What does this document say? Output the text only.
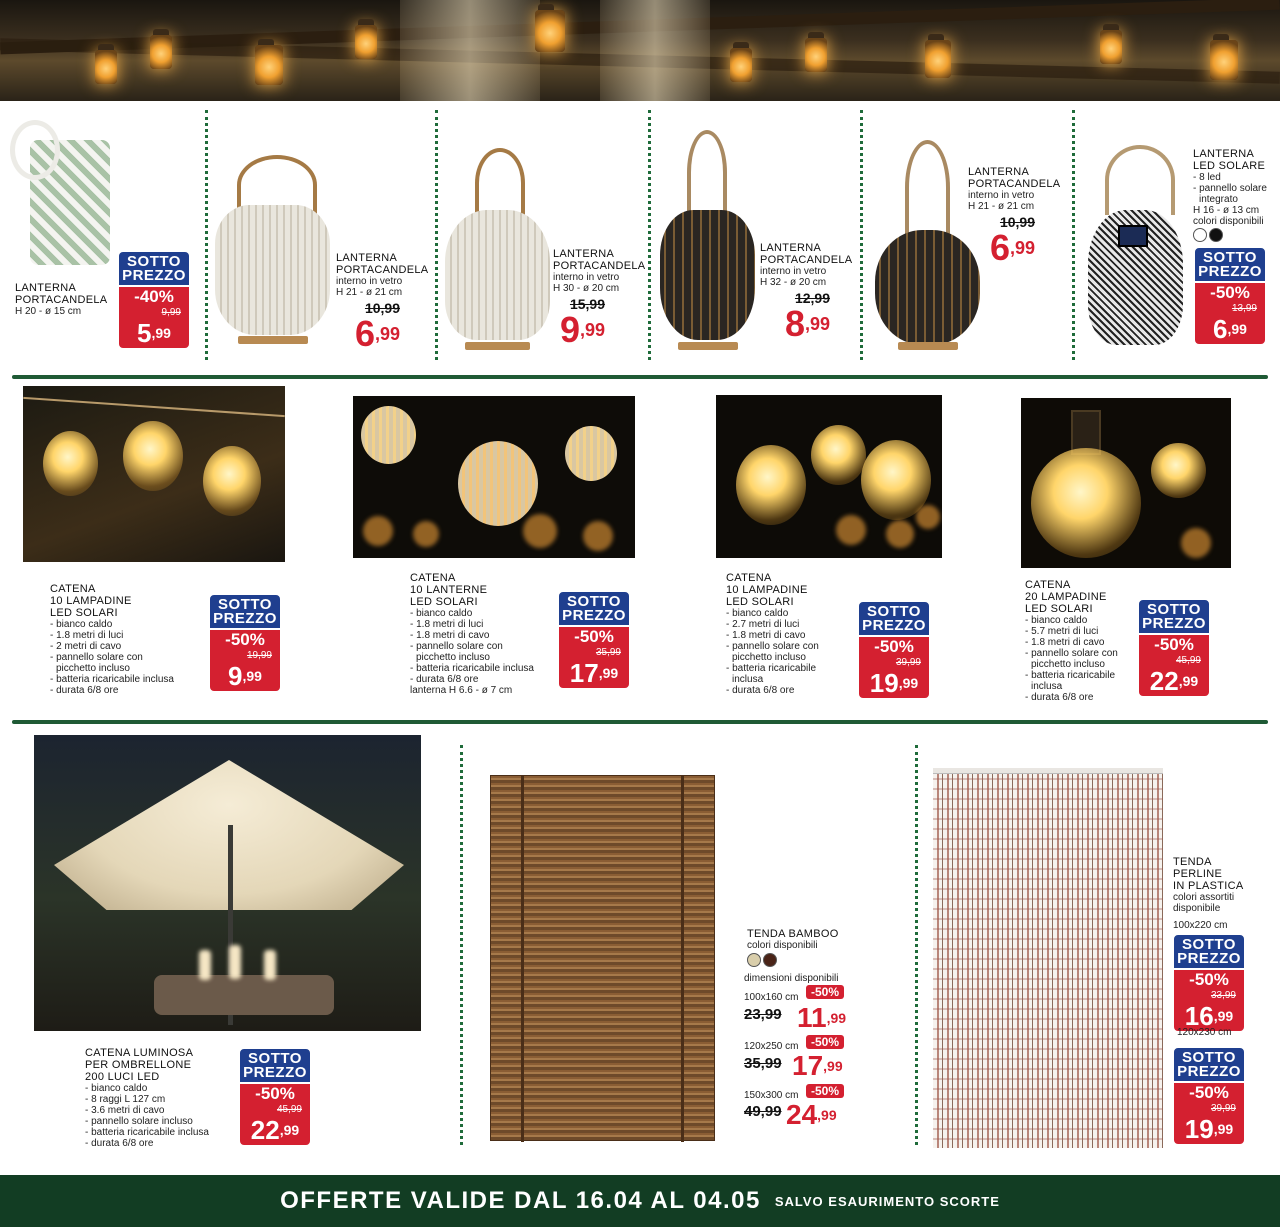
LANTERNA
PORTACANDELA
H 20 - ø 15 cm
SOTTO
PREZZO
-40%
9,99
$5^{,99}$
LANTERNA
PORTACANDELA
interno in vetro
H 21 - ø 21 cm
10,99
$6^{,99}$
LANTERNA
PORTACANDELA
interno in vetro
H 30 - ø 20 cm
15,99
$9^{,99}$
LANTERNA
PORTACANDELA
interno in vetro
H 32 - ø 20 cm
12,99
$8^{,99}$
LANTERNA
PORTACANDELA
interno in vetro
H 21 - ø 21 cm
10,99
$6^{,99}$
LANTERNA
LED SOLARE
- 8 led
- pannello solare
integrato
H 16 - ø 13 cm
colori disponibili
SOTTO
PREZZO
-50%
13,99
$6^{,99}$
CATENA
10 LAMPADINE
LED SOLARI
- bianco caldo
- 1.8 metri di luci
- 2 metri di cavo
- pannello solare con
picchetto incluso
- batteria ricaricabile inclusa
- durata 6/8 ore
SOTTO
PREZZO
-50%
19,99
$9^{,99}$
CATENA
10 LANTERNE
LED SOLARI
- bianco caldo
- 1.8 metri di luci
- 1.8 metri di cavo
- pannello solare con
picchetto incluso
- batteria ricaricabile inclusa
- durata 6/8 ore
lanterna H 6.6 - ø 7 cm
SOTTO
PREZZO
-50%
35,99
$17^{,99}$
CATENA
10 LAMPADINE
LED SOLARI
- bianco caldo
- 2.7 metri di luci
- 1.8 metri di cavo
- pannello solare con
picchetto incluso
- batteria ricaricabile
inclusa
- durata 6/8 ore
SOTTO
PREZZO
-50%
39,99
$19^{,99}$
CATENA
20 LAMPADINE
LED SOLARI
- bianco caldo
- 5.7 metri di luci
- 1.8 metri di cavo
- pannello solare con
picchetto incluso
- batteria ricaricabile
inclusa
- durata 6/8 ore
SOTTO
PREZZO
-50%
45,99
$22^{,99}$
CATENA LUMINOSA
PER OMBRELLONE
200 LUCI LED
- bianco caldo
- 8 raggi L 127 cm
- 3.6 metri di cavo
- pannello solare incluso
- batteria ricaricabile inclusa
- durata 6/8 ore
SOTTO
PREZZO
-50%
45,99
$22^{,99}$
TENDA BAMBOO
colori disponibili
dimensioni disponibili
100x160 cm	-50%
23,99 $11^{,99}$
120x250 cm	-50%
35,99 $17^{,99}$
150x300 cm	-50%
49,99 $24^{,99}$
TENDA
PERLINE
IN PLASTICA
colori assortiti
disponibile
100x220 cm
SOTTO
PREZZO
-50%
33,99
$16^{,99}$
120x230 cm
SOTTO
PREZZO
-50%
39,99
$19^{,99}$
OFFERTE VALIDE DAL 16.04 AL 04.05 SALVO ESAURIMENTO SCORTE
